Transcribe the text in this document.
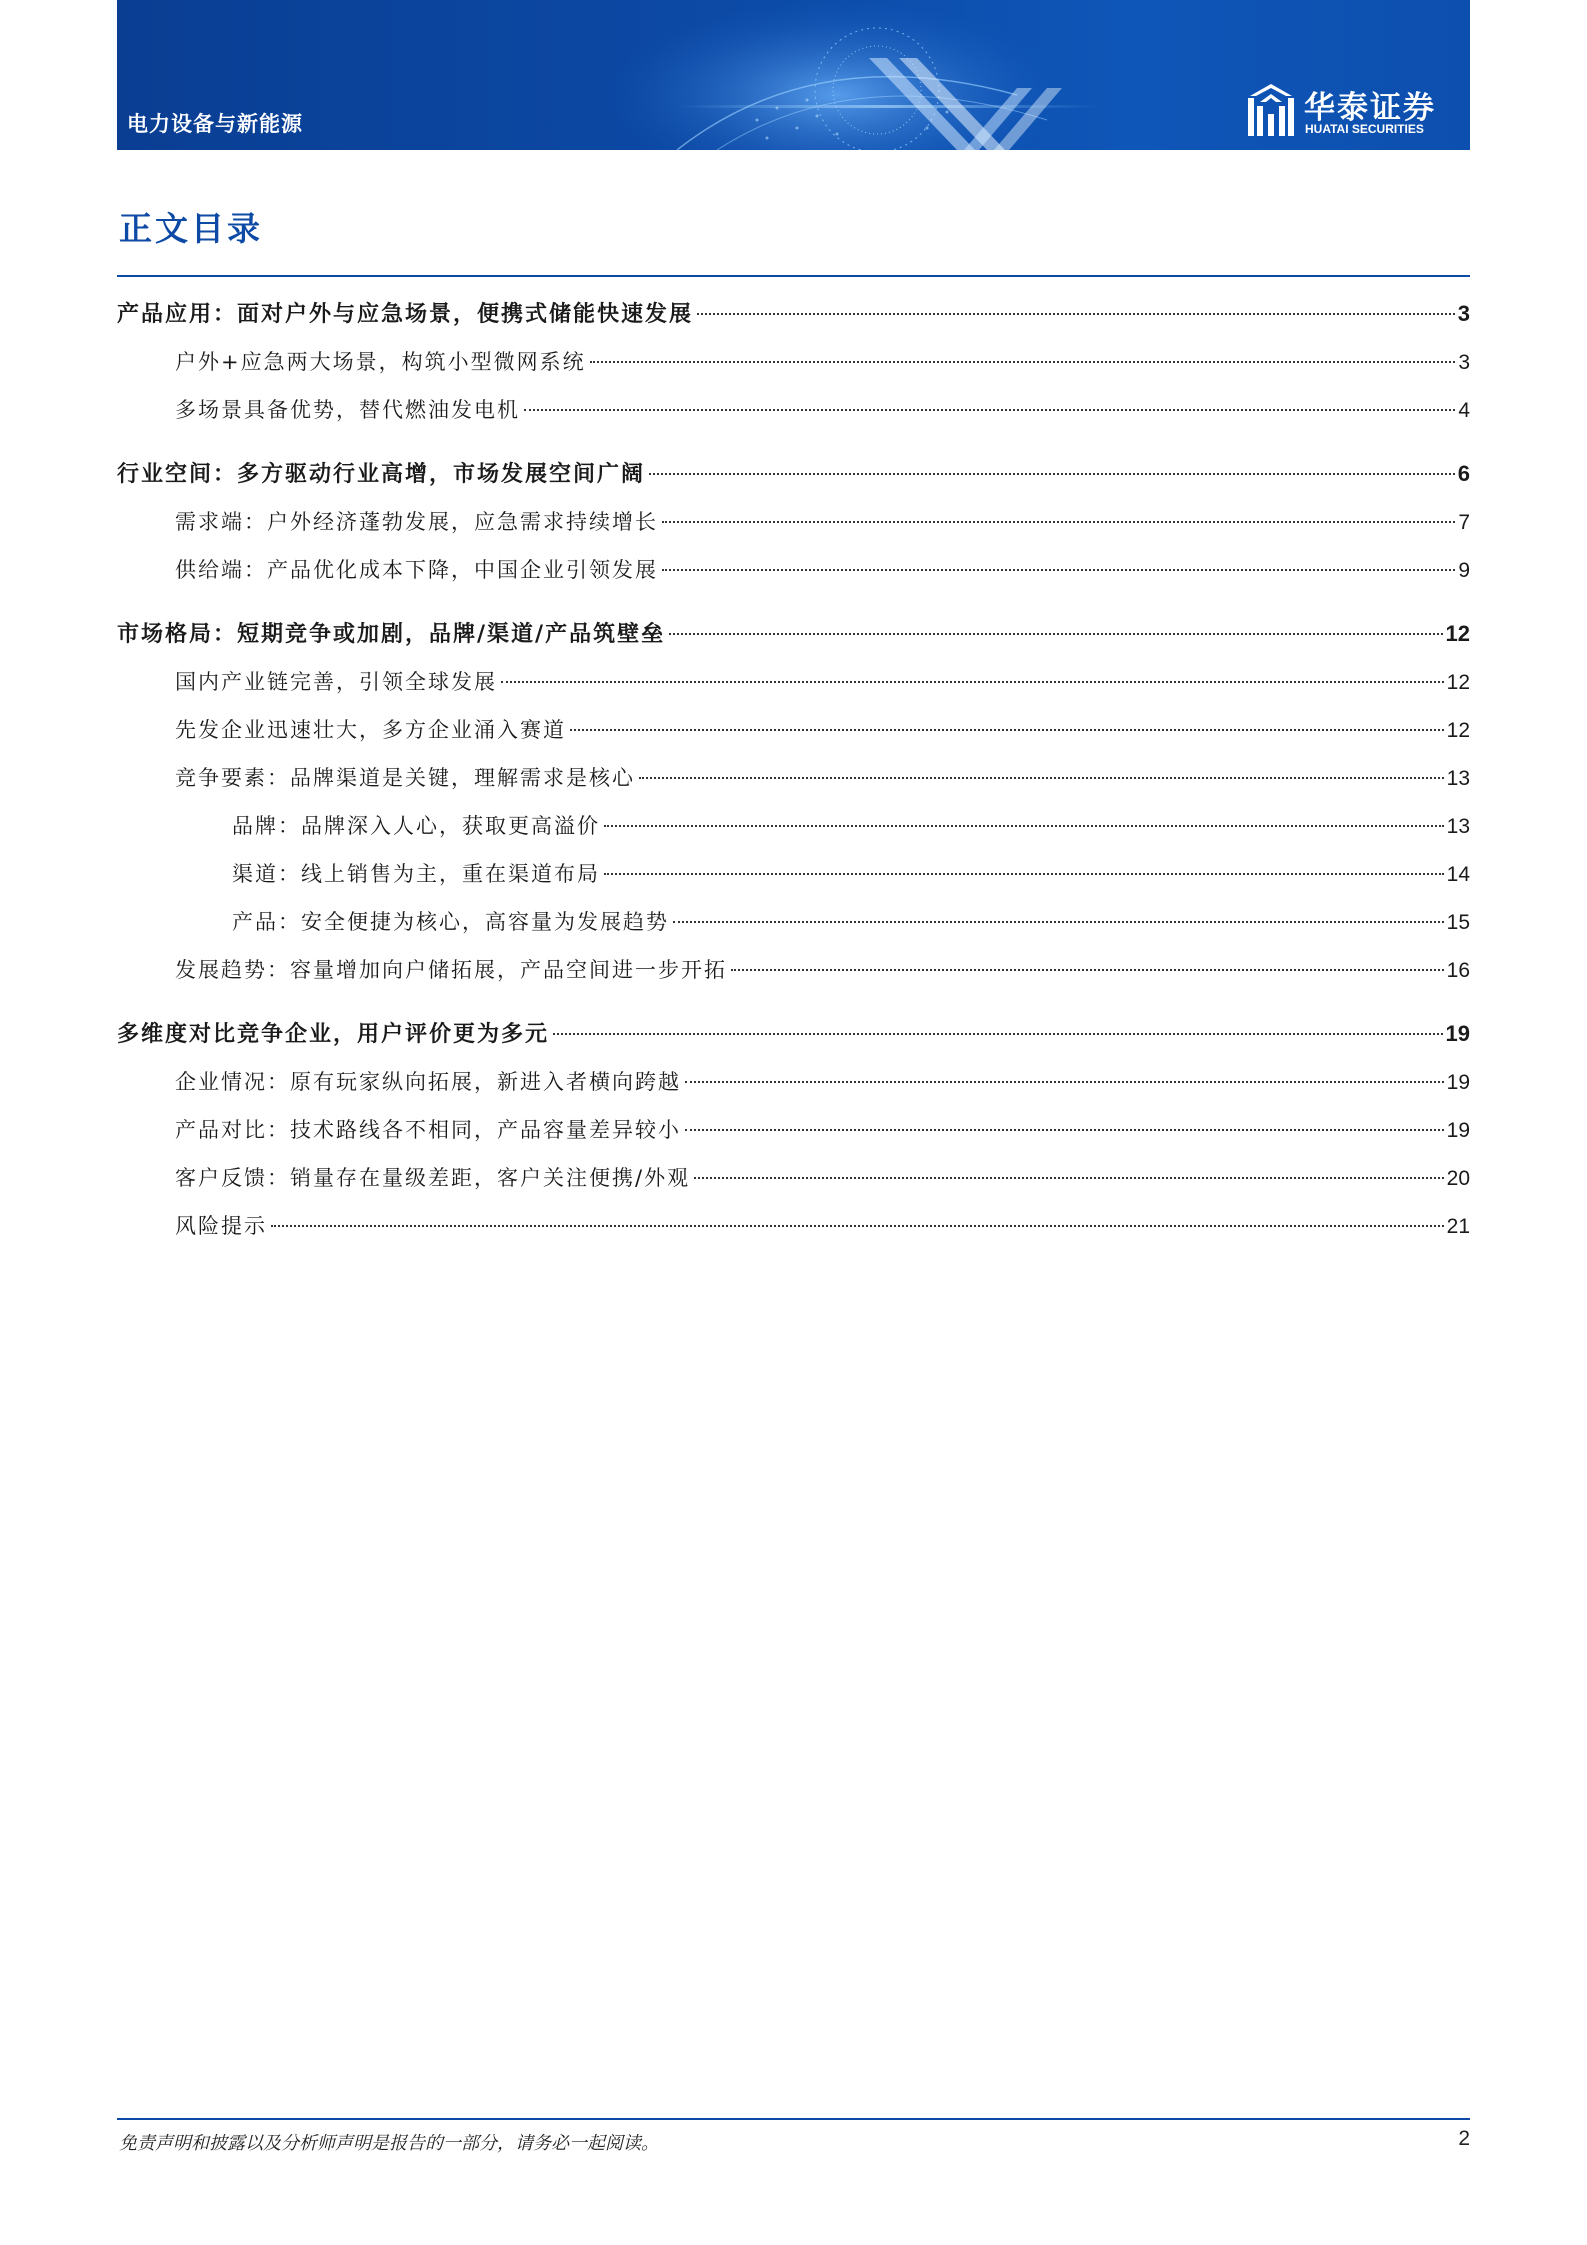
电力设备与新能源	华泰证券
HUATAI SECURITIES
正文目录
产品应用：面对户外与应急场景，便携式储能快速发展	3
户外+应急两大场景，构筑小型微网系统	3
多场景具备优势，替代燃油发电机	4
行业空间：多方驱动行业高增，市场发展空间广阔	6
需求端：户外经济蓬勃发展，应急需求持续增长	7
供给端：产品优化成本下降，中国企业引领发展	9
市场格局：短期竞争或加剧，品牌/渠道/产品筑壁垒	12
国内产业链完善，引领全球发展	12
先发企业迅速壮大，多方企业涌入赛道	12
竞争要素：品牌渠道是关键，理解需求是核心	13
品牌：品牌深入人心，获取更高溢价	13
渠道：线上销售为主，重在渠道布局	14
产品：安全便捷为核心，高容量为发展趋势	15
发展趋势：容量增加向户储拓展，产品空间进一步开拓	16
多维度对比竞争企业，用户评价更为多元	19
企业情况：原有玩家纵向拓展，新进入者横向跨越	19
产品对比：技术路线各不相同，产品容量差异较小	19
客户反馈：销量存在量级差距，客户关注便携/外观	20
风险提示	21
免责声明和披露以及分析师声明是报告的一部分，请务必一起阅读。	2
